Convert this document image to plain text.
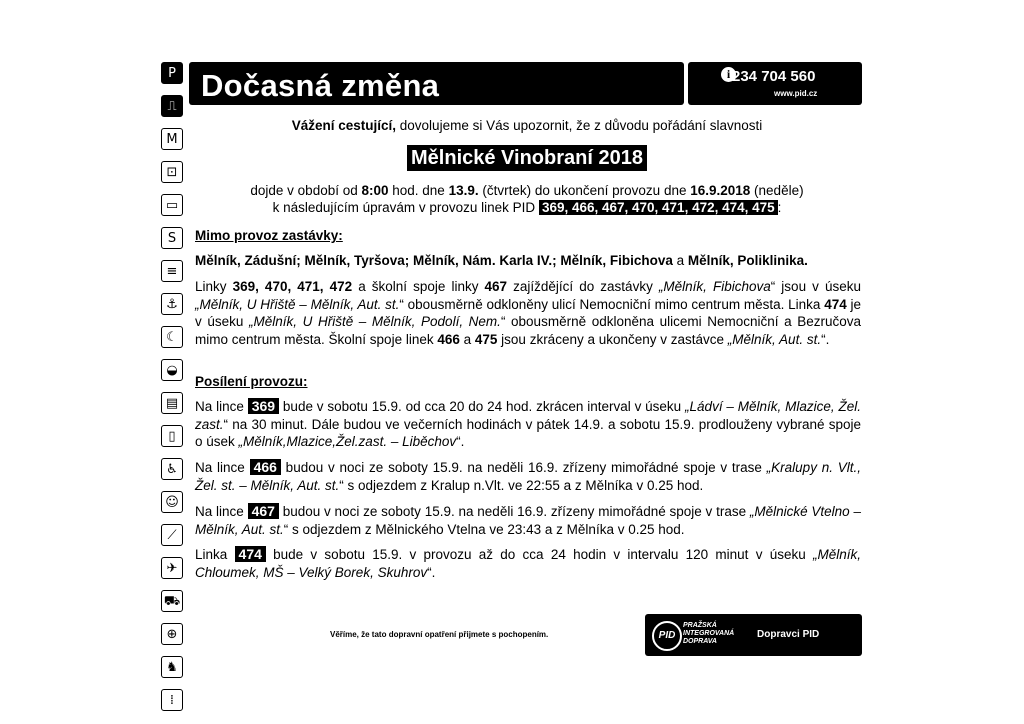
P
⎍
M
⊡
▭
S
≡
⚓
☾
◒
▤
▯
♿
☺
⟋
✈
⛟
⊕
♞
⁞
Dočasná změna	i 234 704 560
www.pid.cz
Vážení cestující, dovolujeme si Vás upozornit, že z důvodu pořádání slavnosti
Mělnické Vinobraní 2018
dojde v období od 8:00 hod. dne 13.9. (čtvrtek) do ukončení provozu dne 16.9.2018 (neděle)
k následujícím úpravám v provozu linek PID 369, 466, 467, 470, 471, 472, 474, 475 :
Mimo provoz zastávky:
Mělník, Zádušní; Mělník, Tyršova; Mělník, Nám. Karla IV.; Mělník, Fibichova a Mělník, Poliklinika.
Linky 369, 470, 471, 472 a školní spoje linky 467 zajíždějící do zastávky „Mělník, Fibichova“ jsou v úseku „Mělník, U Hřiště – Mělník, Aut. st.“ obousměrně odkloněny ulicí Nemocniční mimo centrum města. Linka 474 je v úseku „Mělník, U Hřiště – Mělník, Podolí, Nem.“ obousměrně odkloněna ulicemi Nemocniční a Bezručova mimo centrum města. Školní spoje linek 466 a 475 jsou zkráceny a ukončeny v zastávce „Mělník, Aut. st.“.
Posílení provozu:
Na lince 369 bude v sobotu 15.9. od cca 20 do 24 hod. zkrácen interval v úseku „Ládví – Mělník, Mlazice, Žel. zast.“ na 30 minut. Dále budou ve večerních hodinách v pátek 14.9. a sobotu 15.9. prodlouženy vybrané spoje o úsek „Mělník,Mlazice,Žel.zast. – Liběchov“.
Na lince 466 budou v noci ze soboty 15.9. na neděli 16.9. zřízeny mimořádné spoje v trase „Kralupy n. Vlt., Žel. st. – Mělník, Aut. st.“ s odjezdem z Kralup n.Vlt. ve 22:55 a z Mělníka v 0.25 hod.
Na lince 467 budou v noci ze soboty 15.9. na neděli 16.9. zřízeny mimořádné spoje v trase „Mělnické Vtelno – Mělník, Aut. st.“ s odjezdem z Mělnického Vtelna ve 23:43 a z Mělníka v 0.25 hod.
Linka 474 bude v sobotu 15.9. v provozu až do cca 24 hodin v intervalu 120 minut v úseku „Mělník, Chloumek, MŠ – Velký Borek, Skuhrov“.
Věříme, že tato dopravní opatření přijmete s pochopením.	PID
PRAŽSKÁ
INTEGROVANÁ
DOPRAVA
Dopravci PID
